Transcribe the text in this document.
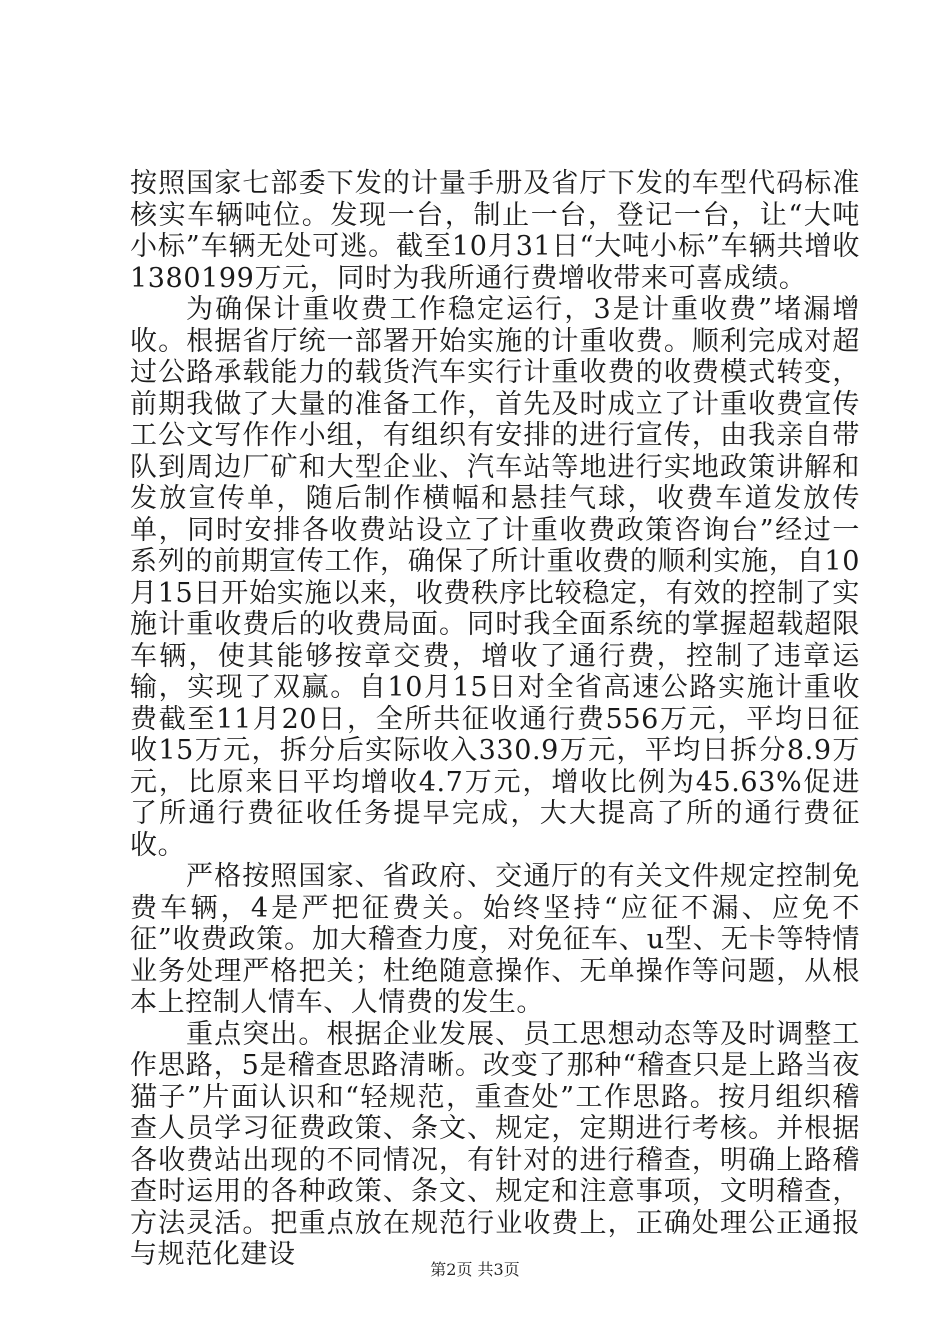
按照国家七部委下发的计量手册及省厅下发的车型代码标准核实车辆吨位。发现一台，制止一台，登记一台，让“大吨小标”车辆无处可逃。截至10月31日“大吨小标”车辆共增收1380199万元，同时为我所通行费增收带来可喜成绩。

为确保计重收费工作稳定运行，3是计重收费”堵漏增收。根据省厅统一部署开始实施的计重收费。顺利完成对超过公路承载能力的载货汽车实行计重收费的收费模式转变，前期我做了大量的准备工作，首先及时成立了计重收费宣传工公文写作作小组，有组织有安排的进行宣传，由我亲自带队到周边厂矿和大型企业、汽车站等地进行实地政策讲解和发放宣传单，随后制作横幅和悬挂气球，收费车道发放传单，同时安排各收费站设立了计重收费政策咨询台”经过一系列的前期宣传工作，确保了所计重收费的顺利实施，自10月15日开始实施以来，收费秩序比较稳定，有效的控制了实施计重收费后的收费局面。同时我全面系统的掌握超载超限车辆，使其能够按章交费，增收了通行费，控制了违章运输，实现了双赢。自10月15日对全省高速公路实施计重收费截至11月20日，全所共征收通行费556万元，平均日征收15万元，拆分后实际收入330.9万元，平均日拆分8.9万元，比原来日平均增收4.7万元，增收比例为45.63%促进了所通行费征收任务提早完成，大大提高了所的通行费征收。

严格按照国家、省政府、交通厅的有关文件规定控制免费车辆，4是严把征费关。始终坚持“应征不漏、应免不征”收费政策。加大稽查力度，对免征车、u型、无卡等特情业务处理严格把关；杜绝随意操作、无单操作等问题，从根本上控制人情车、人情费的发生。

重点突出。根据企业发展、员工思想动态等及时调整工作思路，5是稽查思路清晰。改变了那种“稽查只是上路当夜猫子”片面认识和“轻规范，重查处”工作思路。按月组织稽查人员学习征费政策、条文、规定，定期进行考核。并根据各收费站出现的不同情况，有针对的进行稽查，明确上路稽查时运用的各种政策、条文、规定和注意事项，文明稽查，方法灵活。把重点放在规范行业收费上，正确处理公正通报与规范化建设	第2页 共3页
